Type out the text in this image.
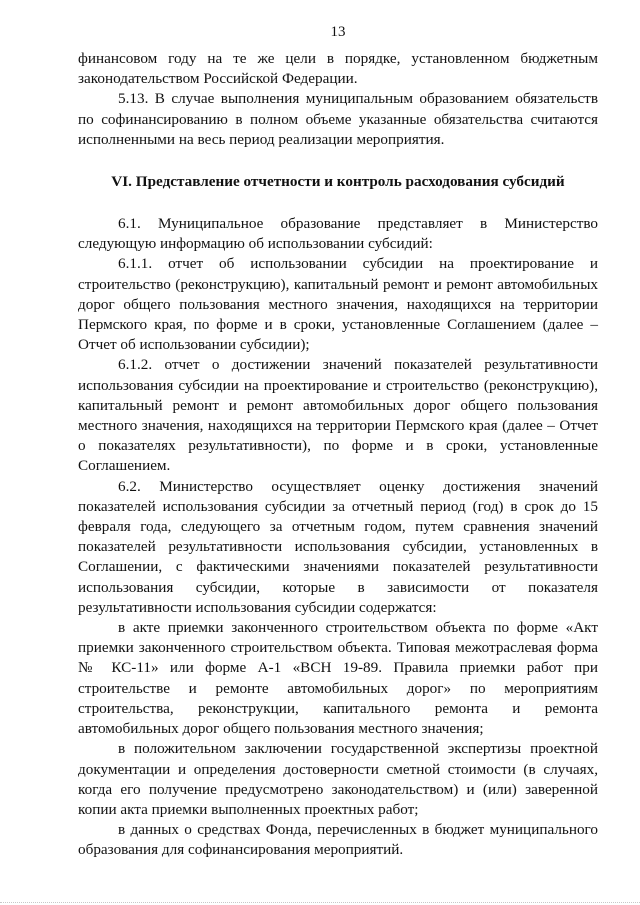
13

финансовом году на те же цели в порядке, установленном бюджетным законодательством Российской Федерации.

5.13. В случае выполнения муниципальным образованием обязательств по софинансированию в полном объеме указанные обязательства считаются исполненными на весь период реализации мероприятия.

VI. Представление отчетности и контроль расходования субсидий

6.1. Муниципальное образование представляет в Министерство следующую информацию об использовании субсидий:

6.1.1. отчет об использовании субсидии на проектирование и строительство (реконструкцию), капитальный ремонт и ремонт автомобильных дорог общего пользования местного значения, находящихся на территории Пермского края, по форме и в сроки, установленные Соглашением (далее – Отчет об использовании субсидии);

6.1.2. отчет о достижении значений показателей результативности использования субсидии на проектирование и строительство (реконструкцию), капитальный ремонт и ремонт автомобильных дорог общего пользования местного значения, находящихся на территории Пермского края (далее – Отчет о показателях результативности), по форме и в сроки, установленные Соглашением.

6.2. Министерство осуществляет оценку достижения значений показателей использования субсидии за отчетный период (год) в срок до 15 февраля года, следующего за отчетным годом, путем сравнения значений показателей результативности использования субсидии, установленных в Соглашении, с фактическими значениями показателей результативности использования субсидии, которые в зависимости от показателя результативности использования субсидии содержатся:

в акте приемки законченного строительством объекта по форме «Акт приемки законченного строительством объекта. Типовая межотраслевая форма № КС-11» или форме А-1 «ВСН 19-89. Правила приемки работ при строительстве и ремонте автомобильных дорог» по мероприятиям строительства, реконструкции, капитального ремонта и ремонта автомобильных дорог общего пользования местного значения;

в положительном заключении государственной экспертизы проектной документации и определения достоверности сметной стоимости (в случаях, когда его получение предусмотрено законодательством) и (или) заверенной копии акта приемки выполненных проектных работ;

в данных о средствах Фонда, перечисленных в бюджет муниципального образования для софинансирования мероприятий.
